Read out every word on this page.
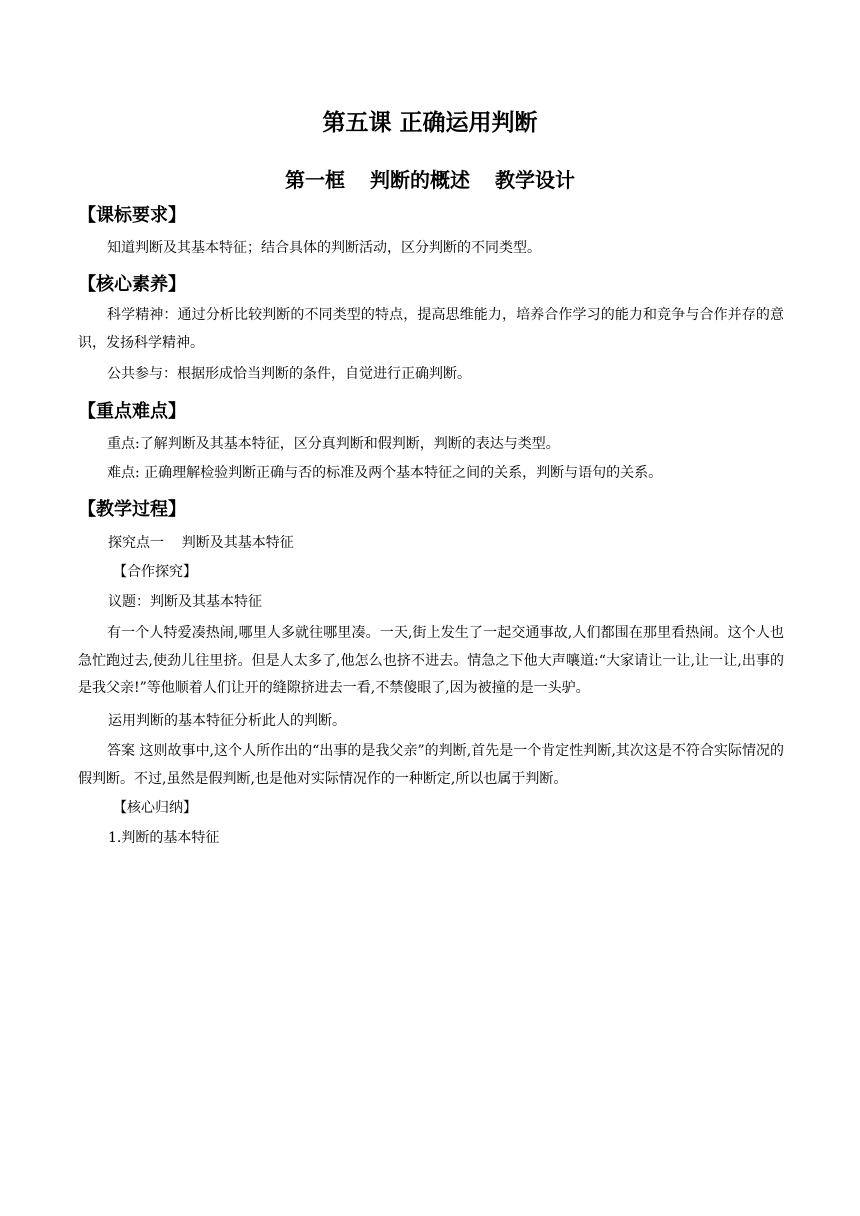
第五课 正确运用判断
第一框 判断的概述 教学设计
【课标要求】
知道判断及其基本特征；结合具体的判断活动，区分判断的不同类型。
【核心素养】
科学精神：通过分析比较判断的不同类型的特点，提高思维能力，培养合作学习的能力和竞争与合作并存的意识，发扬科学精神。
公共参与：根据形成恰当判断的条件，自觉进行正确判断。
【重点难点】
重点:了解判断及其基本特征，区分真判断和假判断，判断的表达与类型。
难点: 正确理解检验判断正确与否的标准及两个基本特征之间的关系，判断与语句的关系。
【教学过程】
探究点一    判断及其基本特征
【合作探究】
议题：判断及其基本特征
有一个人特爱凑热闹,哪里人多就往哪里凑。一天,街上发生了一起交通事故,人们都围在那里看热闹。这个人也急忙跑过去,使劲儿往里挤。但是人太多了,他怎么也挤不进去。情急之下他大声嚷道:“大家请让一让,让一让,出事的是我父亲!”等他顺着人们让开的缝隙挤进去一看,不禁傻眼了,因为被撞的是一头驴。
运用判断的基本特征分析此人的判断。
答案 这则故事中,这个人所作出的“出事的是我父亲”的判断,首先是一个肯定性判断,其次这是不符合实际情况的假判断。不过,虽然是假判断,也是他对实际情况作的一种断定,所以也属于判断。
【核心归纳】
1.判断的基本特征
